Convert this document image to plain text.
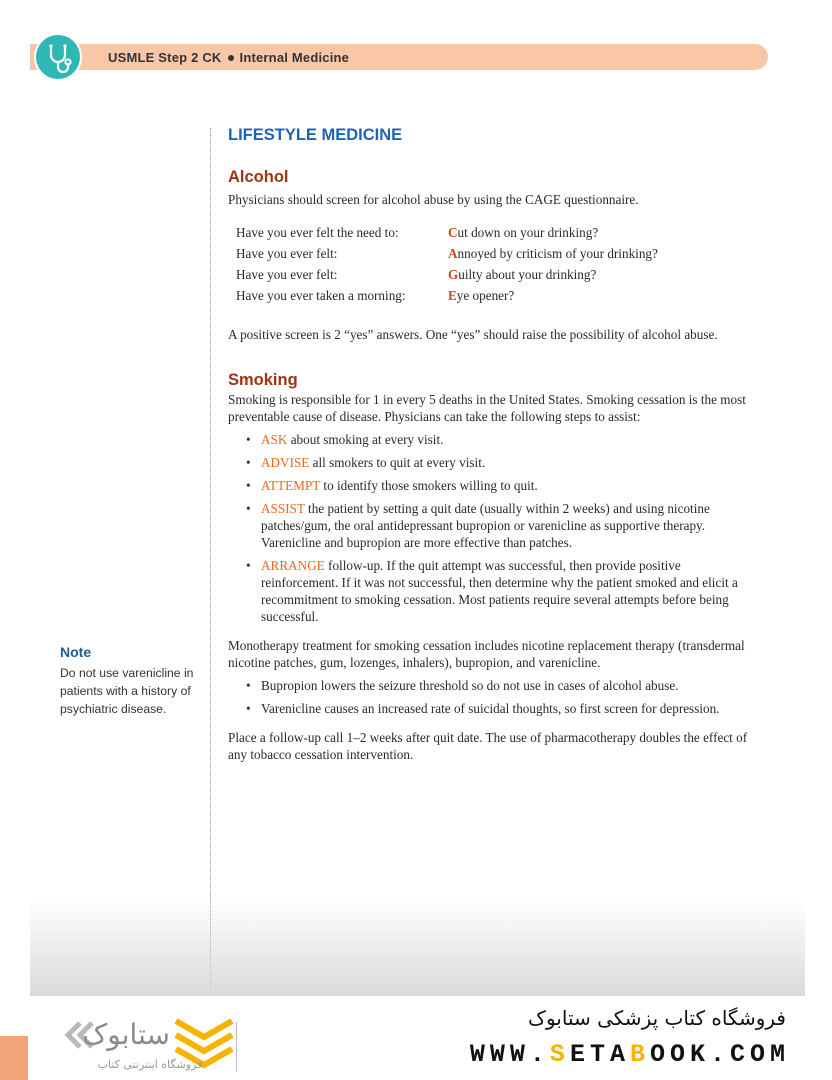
USMLE Step 2 CK Internal Medicine
LIFESTYLE MEDICINE
Alcohol

Physicians should screen for alcohol abuse by using the CAGE questionnaire.

Have you ever felt the need to:	Cut down on your drinking?
Have you ever felt:	Annoyed by criticism of your drinking?
Have you ever felt:	Guilty about your drinking?
Have you ever taken a morning:	Eye opener?

A positive screen is 2 “yes” answers. One “yes” should raise the possibility of alcohol abuse.

Smoking

Smoking is responsible for 1 in every 5 deaths in the United States. Smoking cessation is the most preventable cause of disease. Physicians can take the following steps to assist:

• ASK about smoking at every visit.
• ADVISE all smokers to quit at every visit.
• ATTEMPT to identify those smokers willing to quit.
• ASSIST the patient by setting a quit date (usually within 2 weeks) and using nicotine patches/gum, the oral antidepressant bupropion or varenicline as supportive therapy. Varenicline and bupropion are more effective than patches.
• ARRANGE follow-up. If the quit attempt was successful, then provide positive reinforcement. If it was not successful, then determine why the patient smoked and elicit a recommitment to smoking cessation. Most patients require several attempts before being successful.

Monotherapy treatment for smoking cessation includes nicotine replacement therapy (transdermal nicotine patches, gum, lozenges, inhalers), bupropion, and varenicline.

• Bupropion lowers the seizure threshold so do not use in cases of alcohol abuse.
• Varenicline causes an increased rate of suicidal thoughts, so first screen for depression.

Place a follow-up call 1–2 weeks after quit date. The use of pharmacotherapy doubles the effect of any tobacco cessation intervention.

Note
Do not use varenicline in patients with a history of psychiatric disease.
ستابوک
فروشگاه اینترنتی کتاب
فروشگاه کتاب پزشکی ستابوک
WWW.SETABOOK.COM
